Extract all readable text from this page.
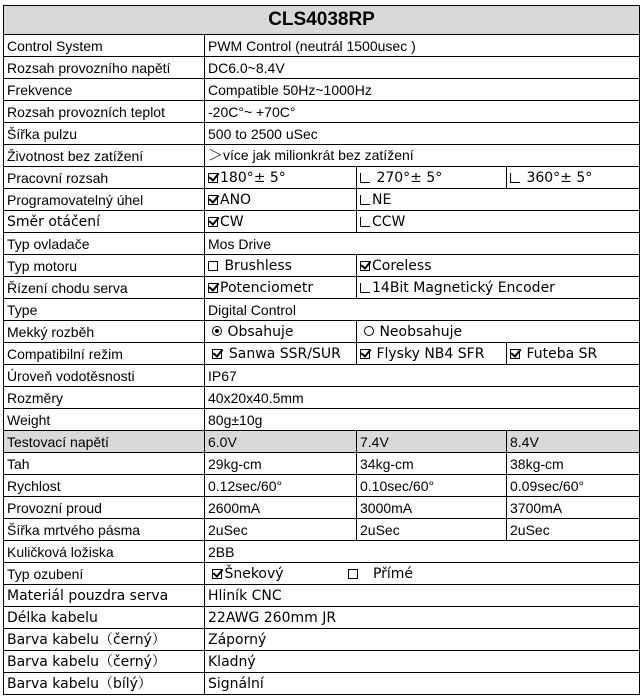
CLS4038RP			
Control System	PWM Control (neutrál 1500usec )		
Rozsah provozního napětí	DC6.0~8.4V		
Frekvence	Compatible 50Hz~1000Hz		
Rozsah provozních teplot	-20C°~ +70C°		
Šířka pulzu	500 to 2500 uSec		
Životnost bez zatížení	＞více jak milionkrát bez zatížení		
Pracovní rozsah	180°± 5°	270°± 5°	360°± 5°
Programovatelný úhel	ANO	NE	
Směr otáčení	CW	CCW	
Typ ovladače	Mos Drive		
Typ motoru	Brushless	Coreless	
Řízení chodu serva	Potenciometr	14Bit Magnetický Encoder	
Type	Digital Control		
Mekký rozběh	Obsahuje	Neobsahuje	
Compatibilní režim	Sanwa SSR/SUR	Flysky NB4 SFR	Futeba SR
Úroveň vodotěsnosti	IP67		
Rozměry	40x20x40.5mm		
Weight	80g±10g		
Testovací napětí	6.0V	7.4V	8.4V
Tah	29kg-cm	34kg-cm	38kg-cm
Rychlost	0.12sec/60°	0.10sec/60°	0.09sec/60°
Provozní proud	2600mA	3000mA	3700mA
Šířka mrtvého pásma	2uSec	2uSec	2uSec
Kuličková ložiska	2BB		
Typ ozubení	Šnekový Přímé		
Materiál pouzdra serva	Hliník CNC		
Délka kabelu	22AWG 260mm JR		
Barva kabelu（černý）	Záporný		
Barva kabelu（černý）	Kladný		
Barva kabelu（bílý）	Signální		
